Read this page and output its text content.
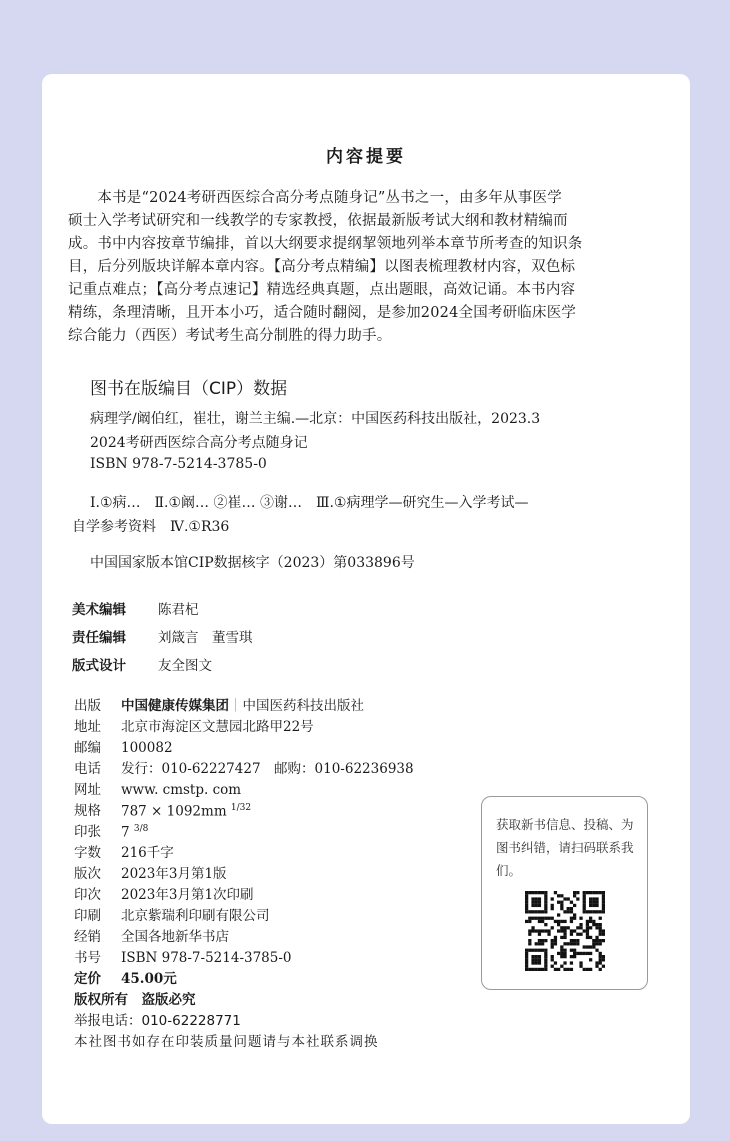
内容提要

　　本书是“2024考研西医综合高分考点随身记”丛书之一，由多年从事医学

硕士入学考试研究和一线教学的专家教授，依据最新版考试大纲和教材精编而

成。书中内容按章节编排，首以大纲要求提纲挈领地列举本章节所考查的知识条

目，后分列版块详解本章内容。【高分考点精编】以图表梳理教材内容，双色标

记重点难点；【高分考点速记】精选经典真题，点出题眼，高效记诵。本书内容

精练，条理清晰，且开本小巧，适合随时翻阅，是参加2024全国考研临床医学

综合能力（西医）考试考生高分制胜的得力助手。

图书在版编目（CIP）数据
病理学/阚伯红，崔壮，谢兰主编.—北京：中国医药科技出版社，2023.3
2024考研西医综合高分考点随身记
ISBN 978-7-5214-3785-0
Ⅰ.①病…　Ⅱ.①阚… ②崔… ③谢…　Ⅲ.①病理学—研究生—入学考试—
自学参考资料　Ⅳ.①R36
中国国家版本馆CIP数据核字（2023）第033896号
美术编辑 陈君杞
责任编辑 刘箴言　董雪琪
版式设计 友全图文
出版 中国健康传媒集团｜中国医药科技出版社
地址 北京市海淀区文慧园北路甲22号
邮编 100082
电话 发行：010-62227427　邮购：010-62236938
网址 www. cmstp. com
规格 787 × 1092mm $^{1/32}$
印张 7 $^{3/8}$
字数 216千字
版次 2023年3月第1版
印次 2023年3月第1次印刷
印刷 北京紫瑞利印刷有限公司
经销 全国各地新华书店
书号 ISBN 978-7-5214-3785-0
定价 45.00元
版权所有　盗版必究
举报电话：010-62228771
本社图书如存在印装质量问题请与本社联系调换
获取新书信息、投稿、为图书纠错，请扫码联系我们。
